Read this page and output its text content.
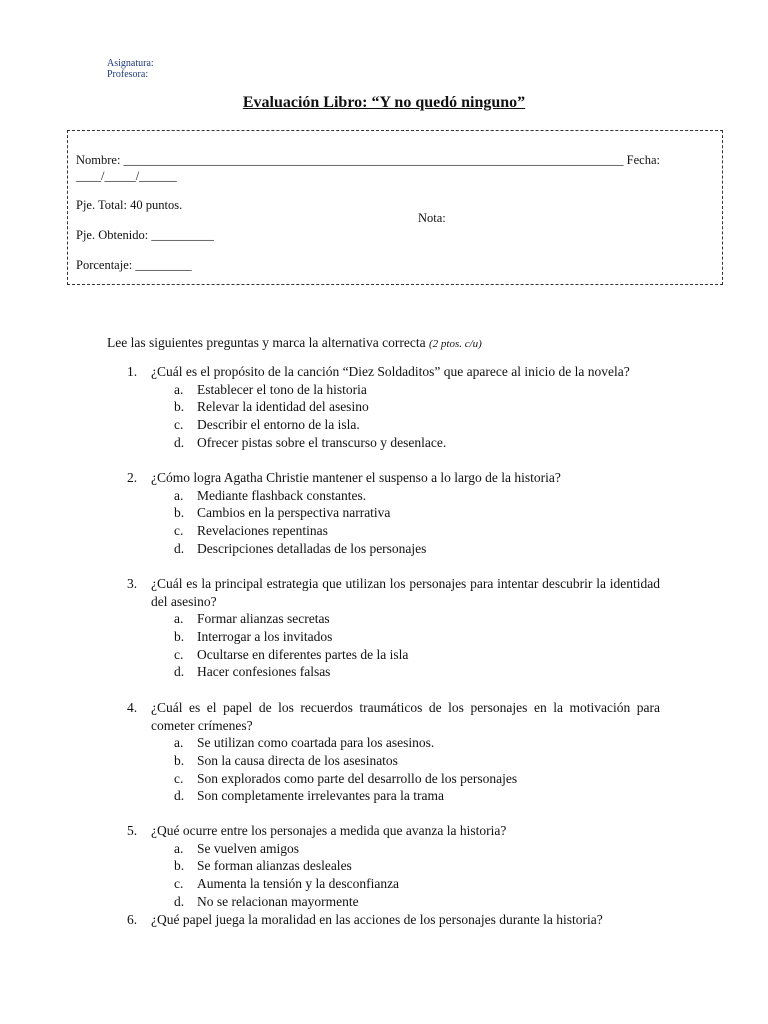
Asignatura:
Profesora:
Evaluación Libro: “Y no quedó ninguno”
Nombre: ________________________________________________________________________________ Fecha:
____/_____/______
Pje. Total: 40 puntos.
Nota:
Pje. Obtenido: __________
Porcentaje: _________
Lee las siguientes preguntas y marca la alternativa correcta (2 ptos. c/u)
1. ¿Cuál es el propósito de la canción “Diez Soldaditos” que aparece al inicio de la novela?
a. Establecer el tono de la historia
b. Relevar la identidad del asesino
c. Describir el entorno de la isla.
d. Ofrecer pistas sobre el transcurso y desenlace.
2. ¿Cómo logra Agatha Christie mantener el suspenso a lo largo de la historia?
a. Mediante flashback constantes.
b. Cambios en la perspectiva narrativa
c. Revelaciones repentinas
d. Descripciones detalladas de los personajes
3. ¿Cuál es la principal estrategia que utilizan los personajes para intentar descubrir la identidad del asesino?
a. Formar alianzas secretas
b. Interrogar a los invitados
c. Ocultarse en diferentes partes de la isla
d. Hacer confesiones falsas
4. ¿Cuál es el papel de los recuerdos traumáticos de los personajes en la motivación para cometer crímenes?
a. Se utilizan como coartada para los asesinos.
b. Son la causa directa de los asesinatos
c. Son explorados como parte del desarrollo de los personajes
d. Son completamente irrelevantes para la trama
5. ¿Qué ocurre entre los personajes a medida que avanza la historia?
a. Se vuelven amigos
b. Se forman alianzas desleales
c. Aumenta la tensión y la desconfianza
d. No se relacionan mayormente
6. ¿Qué papel juega la moralidad en las acciones de los personajes durante la historia?
